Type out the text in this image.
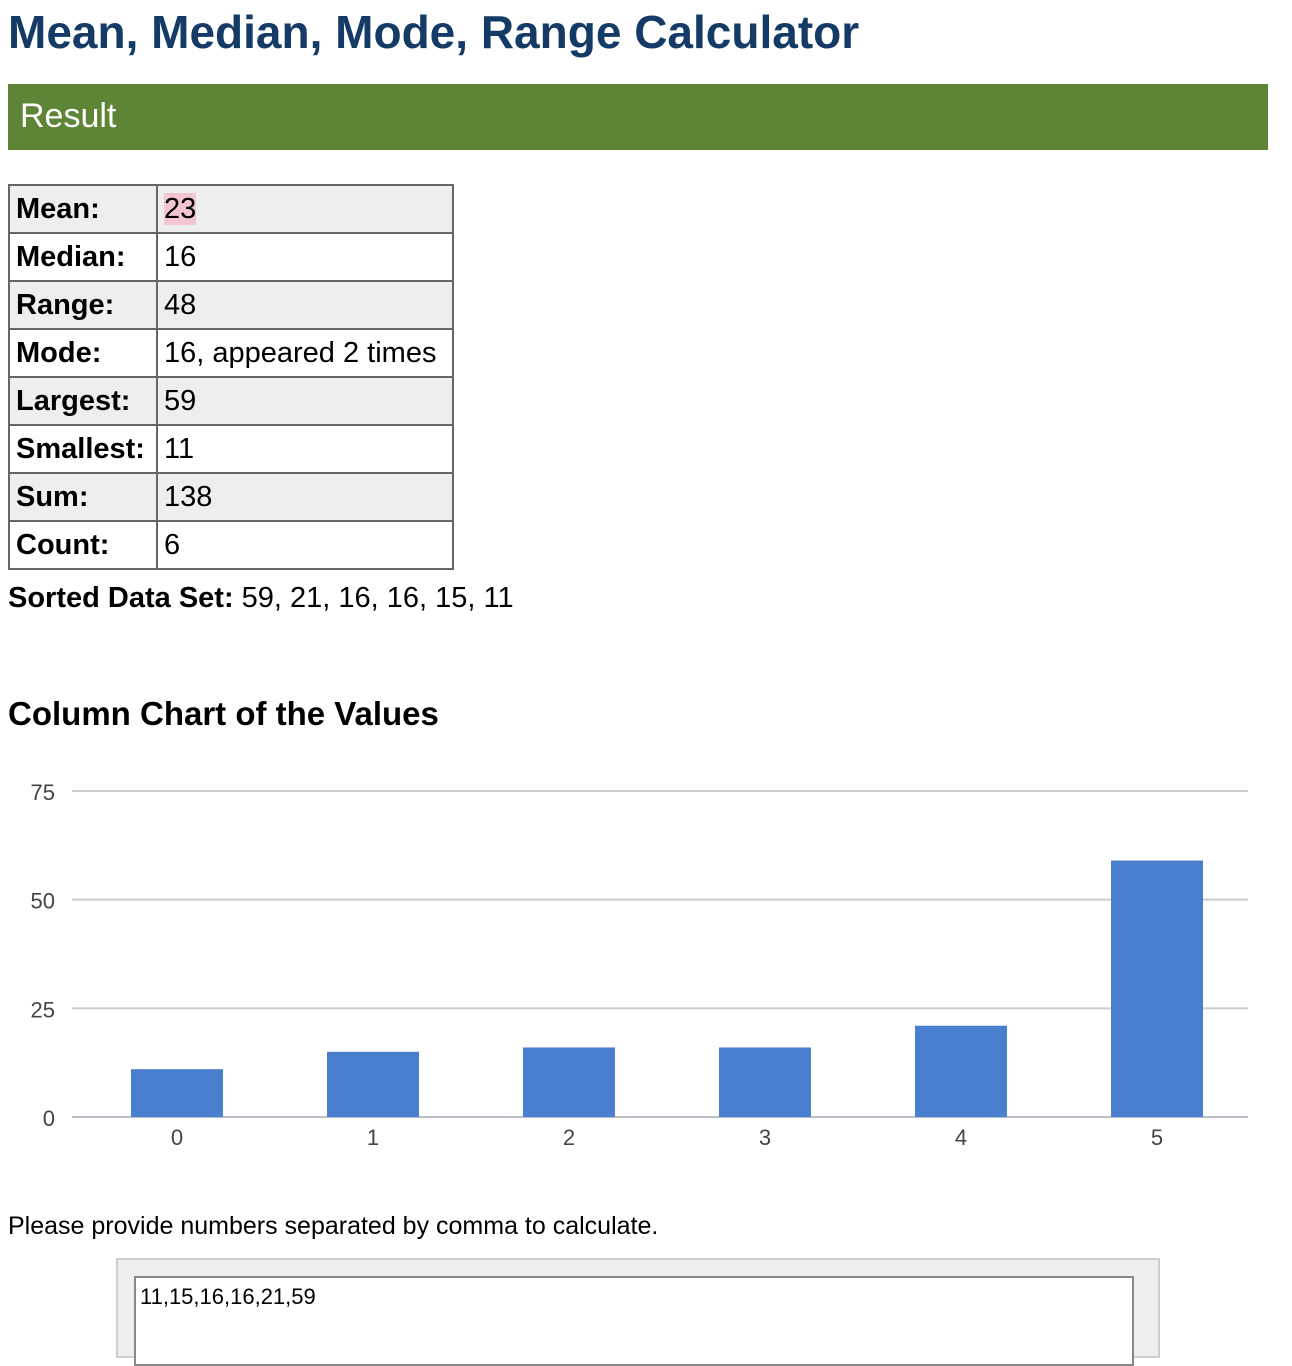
Mean, Median, Mode, Range Calculator
Result
Mean:	23
Median:	16
Range:	48
Mode:	16, appeared 2 times
Largest:	59
Smallest:	11
Sum:	138
Count:	6
Sorted Data Set: 59, 21, 16, 16, 15, 11
Column Chart of the Values
0
25
50
75
0	1	2	3	4	5
Please provide numbers separated by comma to calculate.
11,15,16,16,21,59
